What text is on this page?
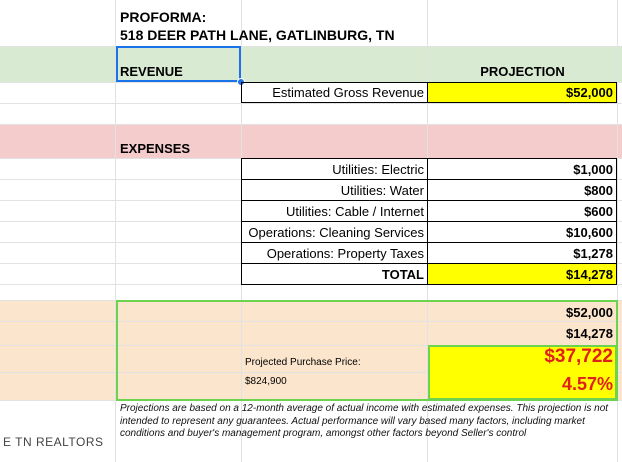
PROFORMA:
518 DEER PATH LANE, GATLINBURG, TN
REVENUE	PROJECTION
Estimated Gross Revenue	$52,000
EXPENSES
Utilities: Electric	$1,000
Utilities: Water	$800
Utilities: Cable / Internet	$600
Operations: Cleaning Services	$10,600
Operations: Property Taxes	$1,278
TOTAL	$14,278
$52,000
$14,278
Projected Purchase Price:
$824,900
$37,722
4.57%
E TN REALTORS
Projections are based on a 12-month average of actual income with estimated expenses. This projection is not intended to represent any guarantees. Actual performance will vary based many factors, including market conditions and buyer's management program, amongst other factors beyond Seller's control
